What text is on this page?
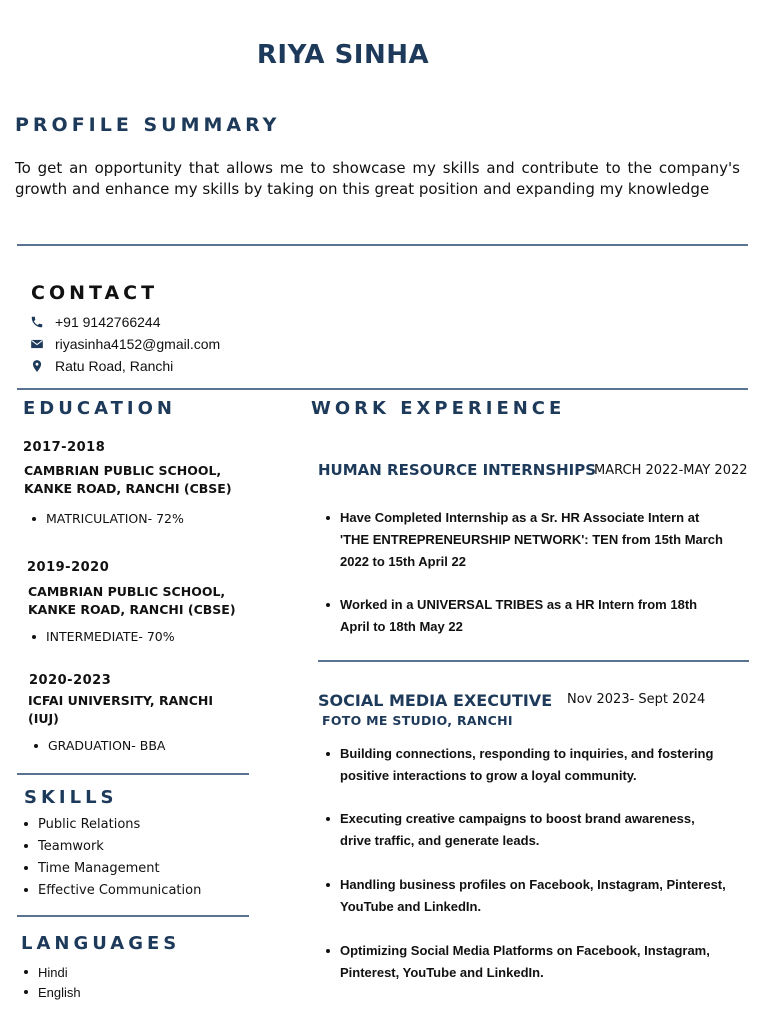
RIYA SINHA
PROFILE SUMMARY
To get an opportunity that allows me to showcase my skills and contribute to the company's growth and enhance my skills by taking on this great position and expanding my knowledge
CONTACT
+91 9142766244
riyasinha4152@gmail.com
Ratu Road, Ranchi
EDUCATION
2017-2018
CAMBRIAN PUBLIC SCHOOL,
KANKE ROAD, RANCHI (CBSE)
MATRICULATION- 72%
2019-2020
CAMBRIAN PUBLIC SCHOOL,
KANKE ROAD, RANCHI (CBSE)
INTERMEDIATE- 70%
2020-2023
ICFAI UNIVERSITY, RANCHI
(IUJ)
GRADUATION- BBA
SKILLS
Public Relations
Teamwork
Time Management
Effective Communication
LANGUAGES
Hindi
English
WORK EXPERIENCE
HUMAN RESOURCE INTERNSHIPS
MARCH 2022-MAY 2022
Have Completed Internship as a Sr. HR Associate Intern at 'THE ENTREPRENEURSHIP NETWORK': TEN from 15th March 2022 to 15th April 22
Worked in a UNIVERSAL TRIBES as a HR Intern from 18th April to 18th May 22
SOCIAL MEDIA EXECUTIVE Nov 2023- Sept 2024
FOTO ME STUDIO, RANCHI
Building connections, responding to inquiries, and fostering positive interactions to grow a loyal community.
Executing creative campaigns to boost brand awareness, drive traffic, and generate leads.
Handling business profiles on Facebook, Instagram, Pinterest, YouTube and LinkedIn.
Optimizing Social Media Platforms on Facebook, Instagram, Pinterest, YouTube and LinkedIn.
